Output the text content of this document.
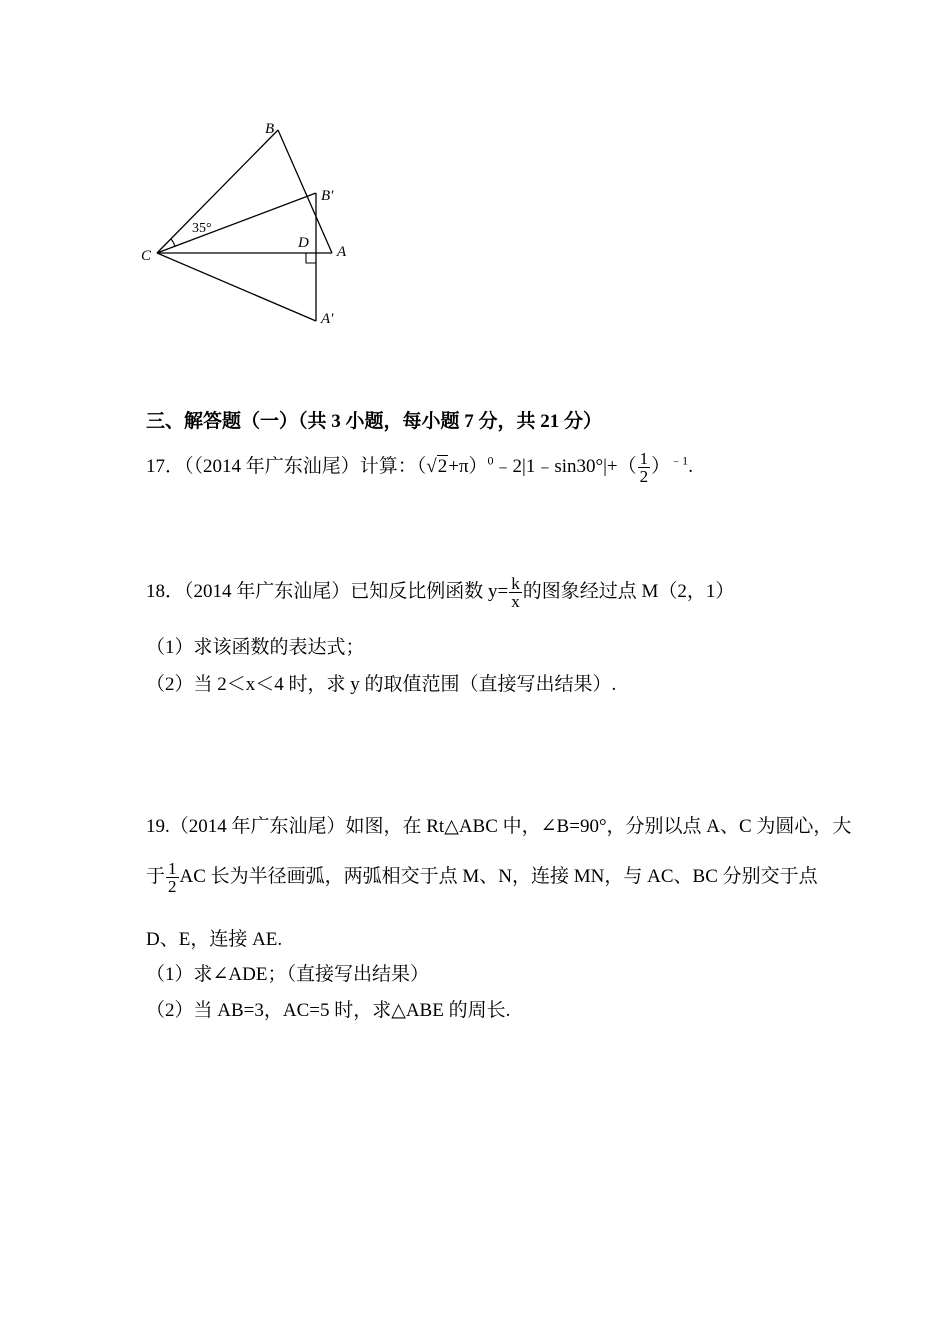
B
B′
C
D
A
A′
35°
三、解答题（一）（共 3 小题，每小题 7 分，共 21 分）
17．（（2014 年广东汕尾）计算：$(√2+\pi)^0﹣2|1﹣\sin 30^\circ|+( \frac{1}{2} )^{﹣1}$.
18．（2014 年广东汕尾）已知反比例函数 $y= \frac{k}{x}$ 的图象经过点 M（2，1）
（1）求该函数的表达式；
（2）当 2＜x＜4 时，求 y 的取值范围（直接写出结果）.
19.（2014 年广东汕尾）如图，在 Rt△ABC 中，∠B=90°，分别以点 A、C 为圆心，大
于 $\frac{1}{2}$ AC 长为半径画弧，两弧相交于点 M、N，连接 MN，与 AC、BC 分别交于点
D、E，连接 AE.
（1）求∠ADE；（直接写出结果）
（2）当 AB=3，AC=5 时，求△ABE 的周长.
